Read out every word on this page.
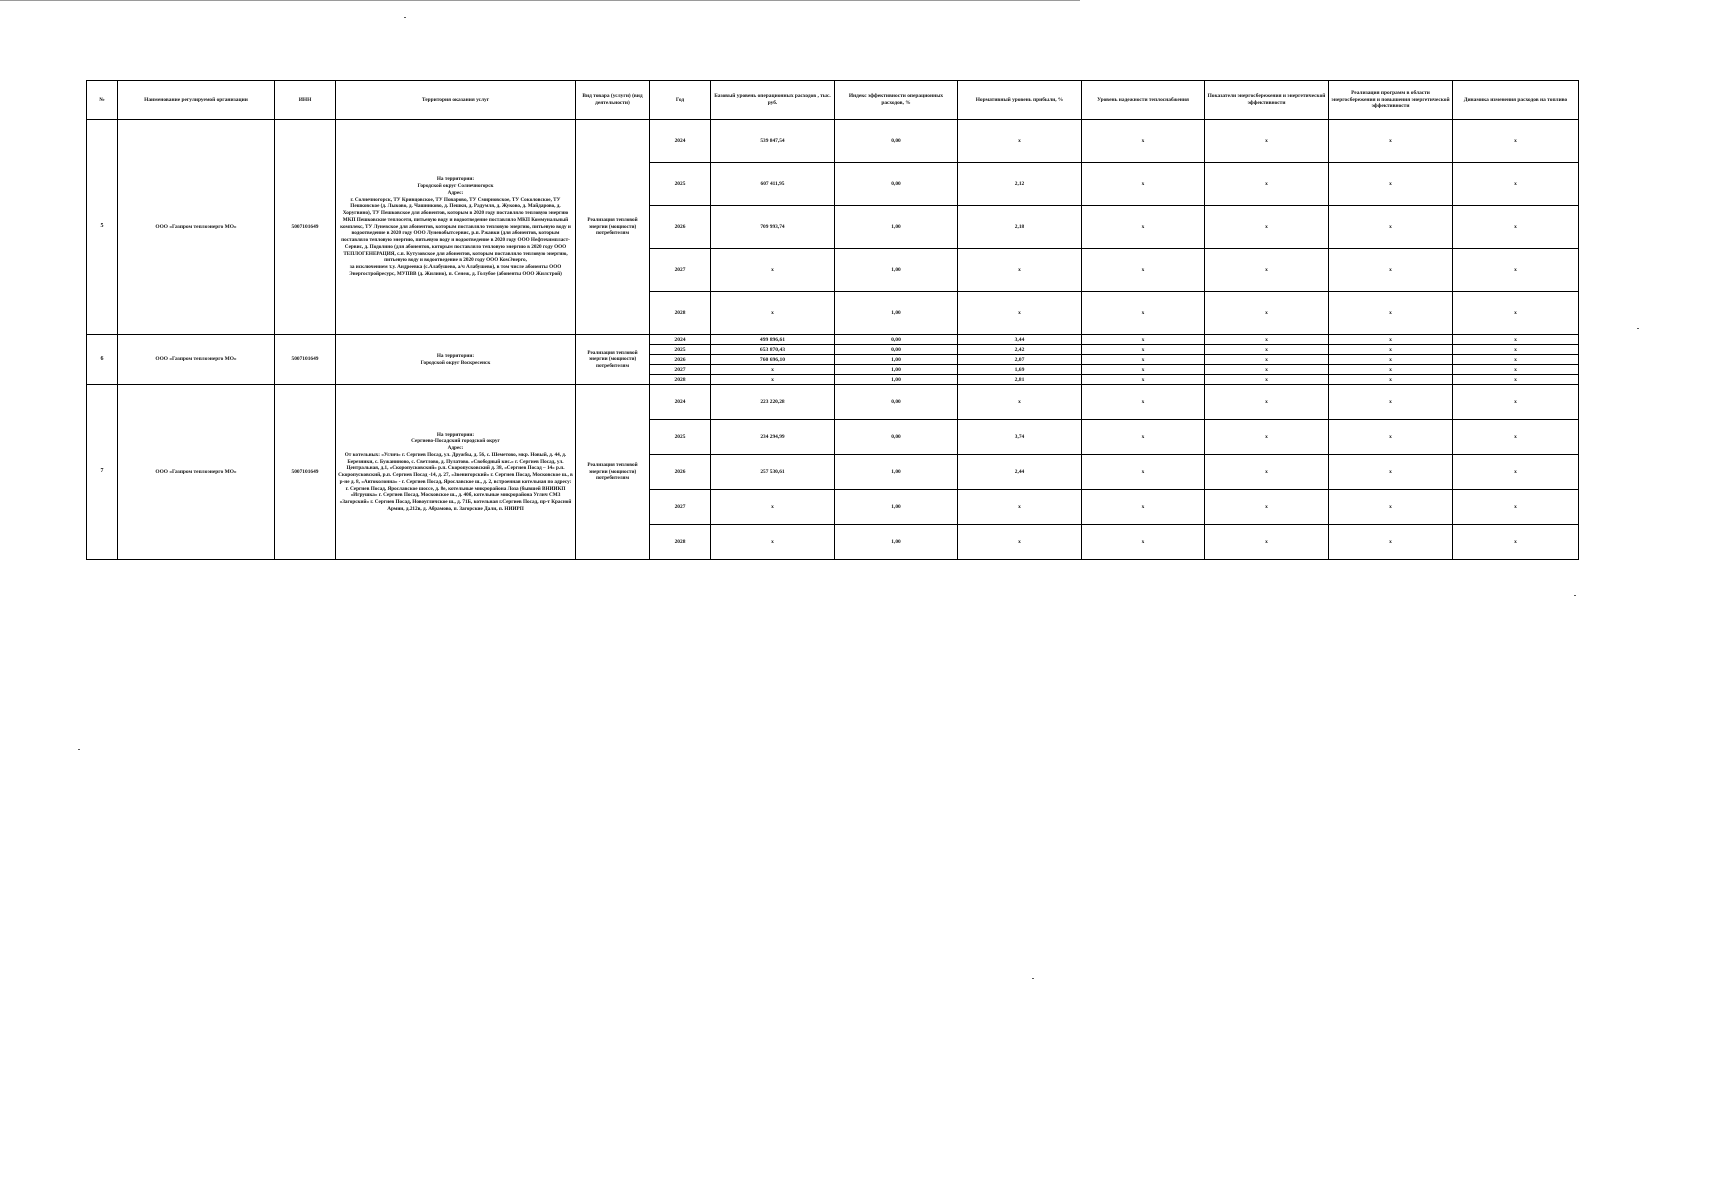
№	Наименование регулируемой организации	ИНН	Территория оказания услуг	Вид товара (услуги) (вид деятельности)	Год	Базовый уровень операционных расходов , тыс. руб.	Индекс эффективности операционных расходов, %	Нормативный уровень прибыли, %	Уровень надежности теплоснабжения	Показатели энергосбережения и энергетической эффективности	Реализация программ в области энергосбережения и повышения энергетической эффективности	Динамика изменения расходов на топливо
5	ООО «Газпром теплоэнерго МО»	5007101649	На территории:
Городской округ Солнечногорск
Адрес:
г. Солнечногорск, ТУ Кривцовское, ТУ Поварово, ТУ Смирновское, ТУ Соколовское, ТУ Пешковское (д. Лыково, д. Чашниково, д. Пешки, д. Радумля, д. Жуково, д. Майдарово, д. Хоругвино), ТУ Пешковское для абонентов, которым в 2020 году поставляло тепловую энергию МКП Пешковские теплосети, питьевую воду и водоотведение поставляло МКП Коммунальный комплекс, ТУ Луневское для абонентов, которым поставляло тепловую энергию, питьевую воду и водоотведение в 2020 году ООО Луневобытсервис, р.п. Ржавки (для абонентов, которым поставляло тепловую энергию, питьевую воду и водоотведение в 2020 году ООО Нефтехимпласт-Сервис, д. Подолино (для абонентов, которым поставляло тепловую энергию в 2020 году ООО ТЕПЛОГЕНЕРАЦИЯ, с.п. Кутузовское для абонентов, которым поставляло тепловую энергию, питьевую воду и водоотведение в 2020 году ООО КомЭнерго,
за исключением т.у. Андреевка (с.Алабушево, а/ч Алабушево), в том числе абоненты ООО Энергостройресурс, МУПВВ (д. Жилино), п. Сенеж, д. Голубое (абоненты ООО Жилстрой)	Реализация тепловой энергии (мощности) потребителям	2024	539 847,54	0,00	x	x	x	x	x
					2025	607 411,95	0,00	2,12	x	x	x	x
					2026	709 993,74	1,00	2,18	x	x	x	x
					2027	x	1,00	x	x	x	x	x
					2028	x	1,00	x	x	x	x	x
6	ООО «Газпром теплоэнерго МО»	5007101649	На территории:
Городской округ Воскресенск	Реализация тепловой энергии (мощности) потребителям	2024	499 896,61	0,00	3,44	x	x	x	x
					2025	653 870,43	0,00	2,42	x	x	x	x
					2026	760 696,10	1,00	2,07	x	x	x	x
					2027	x	1,00	1,69	x	x	x	x
					2028	x	1,00	2,81	x	x	x	x
7	ООО «Газпром теплоэнерго МО»	5007101649	На территории:
Сергиево-Посадский городской округ
Адрес:
От котельных: «Углич» г. Сергиев Посад, ул. Дружбы, д. 56, с. Шеметово, мкр. Новый, д. 44, д. Березники, с. Бужаниново, с. Светлово, д. Пулатово. «Свободный кис.» г. Сергиев Посад, ул. Центральная, д.1, «Скоропусковский» р.п. Скоропусковский д. 38, «Сергиев Посад – 14» р.п. Скоропусковский, р.п. Сергиев Посад -14, д. 27, «Звенигорский» г. Сергиев Посад, Московское ш., в р-не д. 8, «Автоколонна» - г. Сергиев Посад, Ярославское ш., д. 2, встроенная котельная по адресу: г. Сергиев Посад, Ярославское шоссе, д. 8е, котельные микрорайона Лоза (бывшей ВНИИКП «Игрушка» г. Сергиев Посад, Московское ш., д. 40б, котельные микрорайона Углич СМЗ «Загорский» г. Сергиев Посад, Новоугличское ш., д. 71Б, котельная г.Сергиев Посад, пр-т Красной Армии, д.212в, д. Абрамово, п. Загорские Дали, п. НИИРП	Реализация тепловой энергии (мощности) потребителям	2024	223 220,28	0,00	x	x	x	x	x
					2025	234 294,99	0,00	3,74	x	x	x	x
					2026	257 530,61	1,00	2,44	x	x	x	x
					2027	x	1,00	x	x	x	x	x
					2028	x	1,00	x	x	x	x	x
